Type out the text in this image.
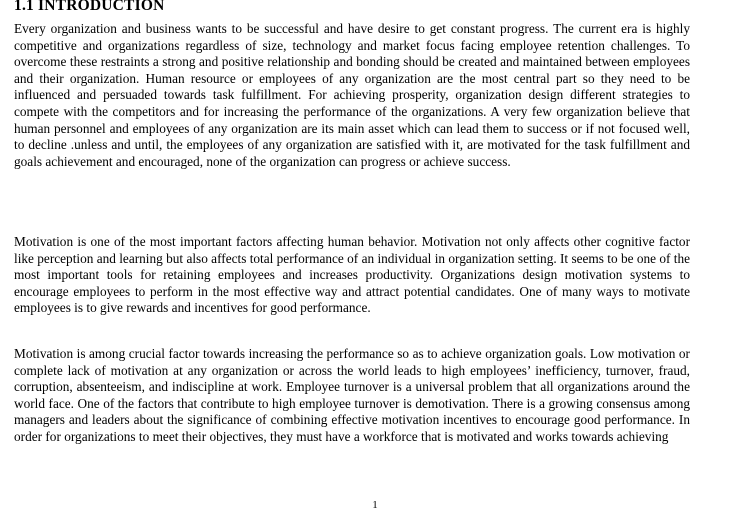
1.1 INTRODUCTION

Every organization and business wants to be successful and have desire to get constant progress. The current era is highly competitive and organizations regardless of size, technology and market focus facing employee retention challenges. To overcome these restraints a strong and positive relationship and bonding should be created and maintained between employees and their organization. Human resource or employees of any organization are the most central part so they need to be influenced and persuaded towards task fulfillment. For achieving prosperity, organization design different strategies to compete with the competitors and for increasing the performance of the organizations. A very few organization believe that human personnel and employees of any organization are its main asset which can lead them to success or if not focused well, to decline .unless and until, the employees of any organization are satisfied with it, are motivated for the task fulfillment and goals achievement and encouraged, none of the organization can progress or achieve success.

Motivation is one of the most important factors affecting human behavior. Motivation not only affects other cognitive factor like perception and learning but also affects total performance of an individual in organization setting. It seems to be one of the most important tools for retaining employees and increases productivity. Organizations design motivation systems to encourage employees to perform in the most effective way and attract potential candidates. One of many ways to motivate employees is to give rewards and incentives for good performance.

Motivation is among crucial factor towards increasing the performance so as to achieve organization goals. Low motivation or complete lack of motivation at any organization or across the world leads to high employees’ inefficiency, turnover, fraud, corruption, absenteeism, and indiscipline at work. Employee turnover is a universal problem that all organizations around the world face. One of the factors that contribute to high employee turnover is demotivation. There is a growing consensus among managers and leaders about the significance of combining effective motivation incentives to encourage good performance. In order for organizations to meet their objectives, they must have a workforce that is motivated and works towards achieving

1
